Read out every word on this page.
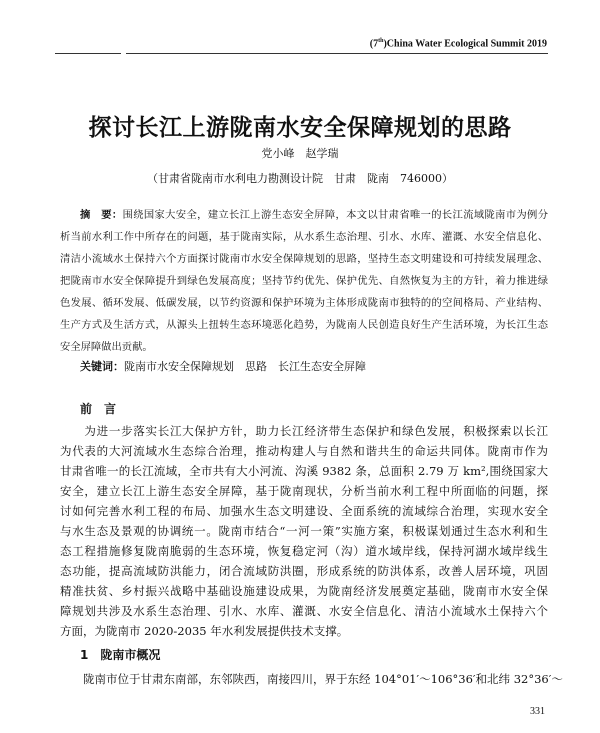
(7th)China Water Ecological Summit 2019
探讨长江上游陇南水安全保障规划的思路
党小峰　赵学瑞
（甘肃省陇南市水利电力勘测设计院　甘肃　陇南　746000）
摘　要：围绕国家大安全，建立长江上游生态安全屏障，本文以甘肃省唯一的长江流域陇南市为例分
析当前水利工作中所存在的问题，基于陇南实际，从水系生态治理、引水、水库、灌溉、水安全信息化、
清洁小流域水土保持六个方面探讨陇南市水安全保障规划的思路，坚持生态文明建设和可持续发展理念、
把陇南市水安全保障提升到绿色发展高度；坚持节约优先、保护优先、自然恢复为主的方针，着力推进绿
色发展、循环发展、低碳发展，以节约资源和保护环境为主体形成陇南市独特的的空间格局、产业结构、
生产方式及生活方式，从源头上扭转生态环境恶化趋势，为陇南人民创造良好生产生活环境，为长江生态
安全屏障做出贡献。
关键词：陇南市水安全保障规划　思路　长江生态安全屏障
前　言
　　为进一步落实长江大保护方针，助力长江经济带生态保护和绿色发展，积极探索以长江
为代表的大河流域水生态综合治理，推动构建人与自然和谐共生的命运共同体。陇南市作为
甘肃省唯一的长江流域，全市共有大小河流、沟溪 9382 条，总面积 2.79 万 km²,围绕国家大
安全，建立长江上游生态安全屏障，基于陇南现状，分析当前水利工程中所面临的问题，探
讨如何完善水利工程的布局、加强水生态文明建设、全面系统的流域综合治理，实现水安全
与水生态及景观的协调统一。陇南市结合“一河一策”实施方案，积极谋划通过生态水利和生
态工程措施修复陇南脆弱的生态环境，恢复稳定河（沟）道水域岸线，保持河湖水域岸线生
态功能，提高流域防洪能力，闭合流域防洪圈，形成系统的防洪体系，改善人居环境，巩固
精准扶贫、乡村振兴战略中基础设施建设成果，为陇南经济发展奠定基础，陇南市水安全保
障规划共涉及水系生态治理、引水、水库、灌溉、水安全信息化、清洁小流域水土保持六个
方面，为陇南市 2020-2035 年水利发展提供技术支撑。
1　陇南市概况
　　陇南市位于甘肃东南部，东邻陕西，南接四川，界于东经 104°01′～106°36′和北纬 32°36′～
331
